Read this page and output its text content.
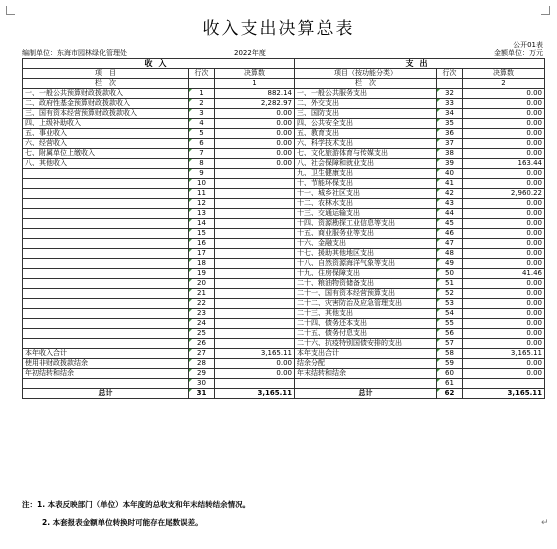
收入支出决算总表
公开01表
编制单位：东海市园林绿化管理处	2022年度	金额单位：万元
收入			支出		
项　目	行次	决算数	项目（按功能分类）	行次	决算数
栏　次		1	栏　次		2
一、一般公共预算财政拨款收入	1	882.14	一、一般公共服务支出	32	0.00
二、政府性基金预算财政拨款收入	2	2,282.97	二、外交支出	33	0.00
三、国有资本经营预算财政拨款收入	3	0.00	三、国防支出	34	0.00
四、上级补助收入	4	0.00	四、公共安全支出	35	0.00
五、事业收入	5	0.00	五、教育支出	36	0.00
六、经营收入	6	0.00	六、科学技术支出	37	0.00
七、附属单位上缴收入	7	0.00	七、文化旅游体育与传媒支出	38	0.00
八、其他收入	8	0.00	八、社会保障和就业支出	39	163.44
	9		九、卫生健康支出	40	0.00
	10		十、节能环保支出	41	0.00
	11		十一、城乡社区支出	42	2,960.22
	12		十二、农林水支出	43	0.00
	13		十三、交通运输支出	44	0.00
	14		十四、资源勘探工业信息等支出	45	0.00
	15		十五、商业服务业等支出	46	0.00
	16		十六、金融支出	47	0.00
	17		十七、援助其他地区支出	48	0.00
	18		十八、自然资源海洋气象等支出	49	0.00
	19		十九、住房保障支出	50	41.46
	20		二十、粮油物资储备支出	51	0.00
	21		二十一、国有资本经营预算支出	52	0.00
	22		二十二、灾害防治及应急管理支出	53	0.00
	23		二十三、其他支出	54	0.00
	24		二十四、债务还本支出	55	0.00
	25		二十五、债务付息支出	56	0.00
	26		二十六、抗疫特别国债安排的支出	57	0.00
本年收入合计	27	3,165.11	本年支出合计	58	3,165.11
使用非财政拨款结余	28	0.00	结余分配	59	0.00
年初结转和结余	29	0.00	年末结转和结余	60	0.00
	30			61	
总计	31	3,165.11	总计	62	3,165.11
注：1. 本表反映部门（单位）本年度的总收支和年末结转结余情况。
2. 本套报表金额单位转换时可能存在尾数误差。	↵
